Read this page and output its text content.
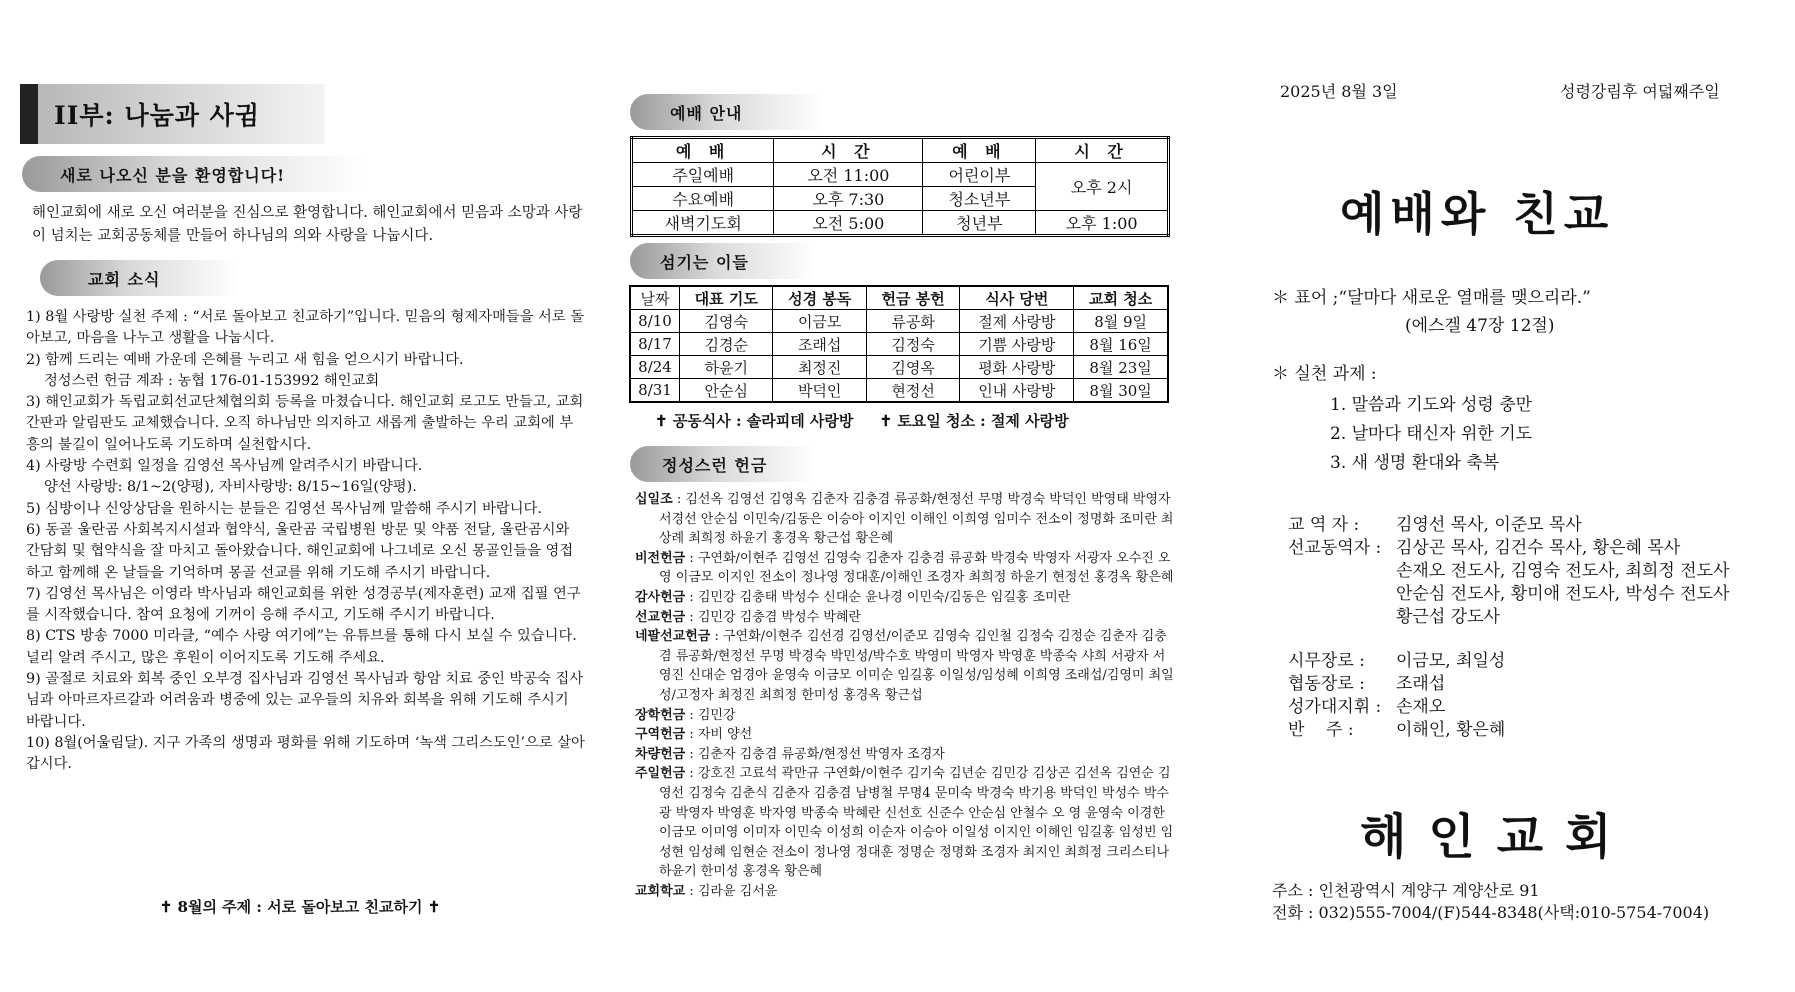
II부: 나눔과 사귐
새로 나오신 분을 환영합니다!
해인교회에 새로 오신 여러분을 진심으로 환영합니다. 해인교회에서 믿음과 소망과 사랑이 넘치는 교회공동체를 만들어 하나님의 의와 사랑을 나눕시다.
교회 소식
1) 8월 사랑방 실천 주제 : “서로 돌아보고 친교하기”입니다. 믿음의 형제자매들을 서로 돌아보고, 마음을 나누고 생활을 나눕시다.
2) 함께 드리는 예배 가운데 은혜를 누리고 새 힘을 얻으시기 바랍니다.
정성스런 헌금 계좌 : 농협 176-01-153992 해인교회
3) 해인교회가 독립교회선교단체협의회 등록을 마쳤습니다. 해인교회 로고도 만들고, 교회 간판과 알림판도 교체했습니다. 오직 하나님만 의지하고 새롭게 출발하는 우리 교회에 부흥의 불길이 일어나도록 기도하며 실천합시다.
4) 사랑방 수련회 일정을 김영선 목사님께 알려주시기 바랍니다.
양선 사랑방: 8/1~2(양평), 자비사랑방: 8/15~16일(양평).
5) 심방이나 신앙상담을 원하시는 분들은 김영선 목사님께 말씀해 주시기 바랍니다.
6) 동골 울란곰 사회복지시설과 협약식, 울란곰 국립병원 방문 및 약품 전달, 울란곰시와 간담회 및 협약식을 잘 마치고 돌아왔습니다. 해인교회에 나그네로 오신 몽골인들을 영접하고 함께해 온 날들을 기억하며 몽골 선교를 위해 기도해 주시기 바랍니다.
7) 김영선 목사님은 이영라 박사님과 해인교회를 위한 성경공부(제자훈련) 교재 집필 연구를 시작했습니다. 참여 요청에 기꺼이 응해 주시고, 기도해 주시기 바랍니다.
8) CTS 방송 7000 미라클, “예수 사랑 여기에”는 유튜브를 통해 다시 보실 수 있습니다. 널리 알려 주시고, 많은 후원이 이어지도록 기도해 주세요.
9) 골절로 치료와 회복 중인 오부경 집사님과 김영선 목사님과 항암 치료 중인 박공숙 집사님과 아마르자르갈과 어려움과 병중에 있는 교우들의 치유와 회복을 위해 기도해 주시기 바랍니다.
10) 8월(어울림달). 지구 가족의 생명과 평화를 위해 기도하며 ‘녹색 그리스도인’으로 살아갑시다.
✝ 8월의 주제 : 서로 돌아보고 친교하기 ✝
예배 안내
예 배	시 간	예 배	시 간
주일예배	오전 11:00	어린이부	오후 2시
수요예배	오후 7:30	청소년부	
새벽기도회	오전 5:00	청년부	오후 1:00
섬기는 이들
날짜	대표 기도	성경 봉독	헌금 봉헌	식사 당번	교회 청소
8/10	김영숙	이금모	류공화	절제 사랑방	8월 9일
8/17	김경순	조래섭	김정숙	기쁨 사랑방	8월 16일
8/24	하윤기	최정진	김영옥	평화 사랑방	8월 23일
8/31	안순심	박덕인	현정선	인내 사랑방	8월 30일
✝ 공동식사 : 솔라피데 사랑방     ✝ 토요일 청소 : 절제 사랑방
정성스런 헌금

십일조 : 김선옥 김영선 김영옥 김춘자 김충겸 류공화/현정선 무명 박경숙 박덕인 박영태 박영자 서경선 안순심 이민숙/김동은 이승아 이지인 이해인 이희영 임미수 전소이 정명화 조미란 최상례 최희정 하윤기 홍경옥 황근섭 황은혜

비전헌금 : 구연화/이현주 김영선 김영숙 김춘자 김충겸 류공화 박경숙 박영자 서광자 오수진 오 영 이금모 이지인 전소이 정나영 정대훈/이해인 조경자 최희정 하윤기 현정선 홍경옥 황은혜

감사헌금 : 김민강 김충태 박성수 신대순 윤나경 이민숙/김동은 임길홍 조미란

선교헌금 : 김민강 김충겸 박성수 박혜란

네팔선교헌금 : 구연화/이현주 김선경 김영선/이준모 김영숙 김인철 김정숙 김정순 김춘자 김충겸 류공화/현정선 무명 박경숙 박민성/박수호 박영미 박영자 박영훈 박종숙 샤희 서광자 서영진 신대순 엄경아 윤영숙 이금모 이미순 임길홍 이일성/임성혜 이희영 조래섭/김영미 최일성/고정자 최정진 최희정 한미성 홍경옥 황근섭

장학헌금 : 김민강

구역헌금 : 자비 양선

차량헌금 : 김춘자 김충겸 류공화/현정선 박영자 조경자

주일헌금 : 강호진 고료석 곽만규 구연화/이현주 김기숙 김년순 김민강 김상곤 김선옥 김연순 김영선 김정숙 김춘식 김춘자 김충겸 남병철 무명4 문미숙 박경숙 박기용 박덕인 박성수 박수광 박영자 박영훈 박자영 박종숙 박혜란 신선호 신준수 안순심 안철수 오 영 윤영숙 이경한 이금모 이미영 이미자 이민숙 이성희 이순자 이승아 이일성 이지인 이해인 임길홍 임성빈 임성현 임성혜 임현순 전소이 정나영 정대훈 정명순 정명화 조경자 최지인 최희정 크리스티나 하윤기 한미성 홍경옥 황은혜

교회학교 : 김라윤 김서윤

2025년 8월 3일	성령강림후 여덟째주일
예배와 친교
＊ 표어 ;“달마다 새로운 열매를 맺으리라.”
(에스겔 47장 12절)
＊ 실천 과제 :
1. 말씀과 기도와 성령 충만
2. 날마다 태신자 위한 기도
3. 새 생명 환대와 축복
교 역 자 :	김영선 목사, 이준모 목사
선교동역자 : 김상곤 목사, 김건수 목사, 황은혜 목사
손재오 전도사, 김영숙 전도사, 최희정 전도사
안순심 전도사, 황미애 전도사, 박성수 전도사
황근섭 강도사
시무장로 :	이금모, 최일성
협동장로 :	조래섭
성가대지휘 : 손재오
반    주 :	이해인, 황은혜
해인교회
주소 : 인천광역시 계양구 계양산로 91
전화 : 032)555-7004/(F)544-8348(사택:010-5754-7004)
